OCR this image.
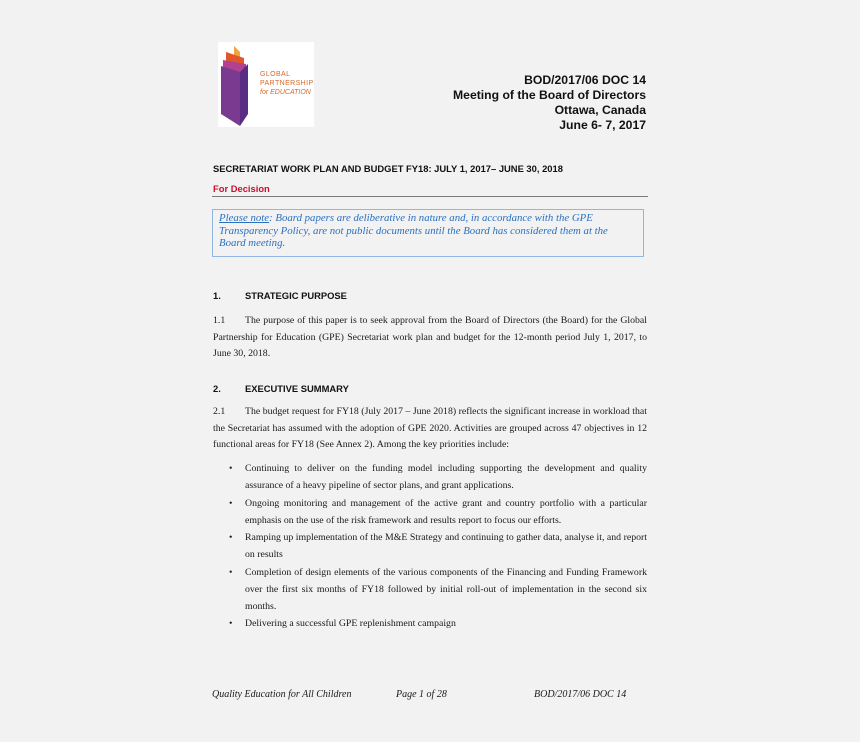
GLOBAL
PARTNERSHIP
for EDUCATION
BOD/2017/06 DOC 14
Meeting of the Board of Directors
Ottawa, Canada
June 6- 7, 2017
SECRETARIAT WORK PLAN AND BUDGET FY18: JULY 1, 2017– JUNE 30, 2018
For Decision
Please note: Board papers are deliberative in nature and, in accordance with the GPE Transparency Policy, are not public documents until the Board has considered them at the Board meeting.
1.	STRATEGIC PURPOSE
1.1 The purpose of this paper is to seek approval from the Board of Directors (the Board) for the Global Partnership for Education (GPE) Secretariat work plan and budget for the 12-month period July 1, 2017, to June 30, 2018.
2.	EXECUTIVE SUMMARY
2.1 The budget request for FY18 (July 2017 – June 2018) reflects the significant increase in workload that the Secretariat has assumed with the adoption of GPE 2020. Activities are grouped across 47 objectives in 12 functional areas for FY18 (See Annex 2). Among the key priorities include:
• Continuing to deliver on the funding model including supporting the development and quality assurance of a heavy pipeline of sector plans, and grant applications.
• Ongoing monitoring and management of the active grant and country portfolio with a particular emphasis on the use of the risk framework and results report to focus our efforts.
• Ramping up implementation of the M&E Strategy and continuing to gather data, analyse it, and report on results
• Completion of design elements of the various components of the Financing and Funding Framework over the first six months of FY18 followed by initial roll-out of implementation in the second six months.
• Delivering a successful GPE replenishment campaign
Quality Education for All Children	Page 1 of 28	BOD/2017/06 DOC 14
